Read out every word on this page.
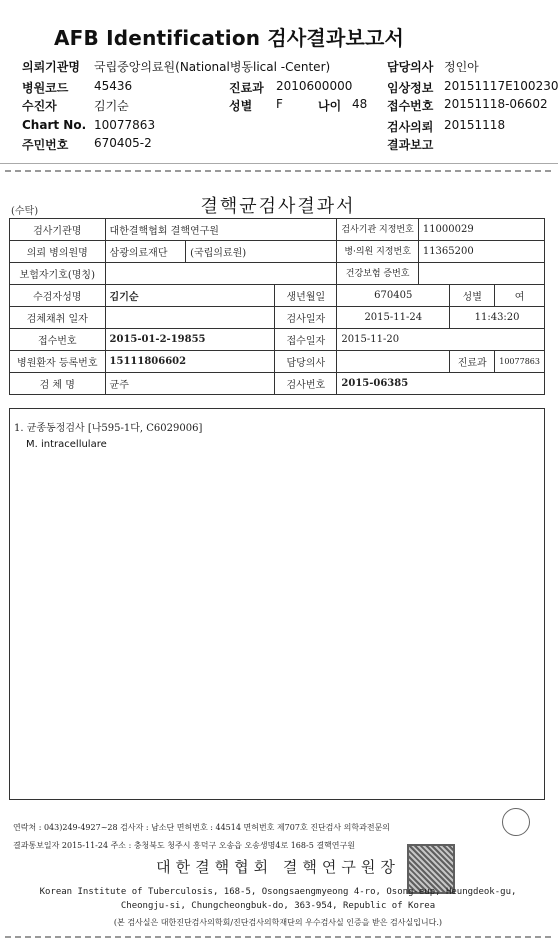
AFB Identification 검사결과보고서
의뢰기관명 국립중앙의료원(National병동lical -Center)	담당의사 정인아
병원코드 45436	진료과 2010600000	임상정보 20151117E100230
수진자	김기순	성별 F	나이 48 접수번호 20151118-06602
Chart No. 10077863	검사의뢰 20151118
주민번호 670405-2	결과보고
(수탁)	결핵균검사결과서
검사기관명	대한결핵협회 결핵연구원			검사기관 지정번호	11000029		
의뢰 병의원명	삼광의료재단	(국립의료원)		병·의원 지정번호	11365200		
보험자기호(명칭)				건강보험 증번호			
수검자성명	김기순		생년월일	670405		성별	여
검체채취 일자			검사일자	2015-11-24		11:43:20	
접수번호	2015-01-2-19855		접수일자	2015-11-20			
병원환자 등록번호	15111806602		담당의사			진료과	10077863
검 체 명	균주		검사번호	2015-06385			
1. 균종동정검사 [나595-1다, C6029006]
M. intracellulare
연락처 : 043)249-4927~28 검사자 : 남소단 면허번호 : 44514 면허번호 제707호 진단검사 의학과전문의
결과통보일자 2015-11-24 주소 : 충청북도 청주시 흥덕구 오송읍 오송생명4로 168-5 결핵연구원
대한결핵협회 결핵연구원장
Korean Institute of Tuberculosis, 168-5, Osongsaengmyeong 4-ro, Osong-eup, Heungdeok-gu,
Cheongju-si, Chungcheongbuk-do, 363-954, Republic of Korea
(본 검사실은 대한진단검사의학회/진단검사의학재단의 우수검사실 인증을 받은 검사실입니다.)
